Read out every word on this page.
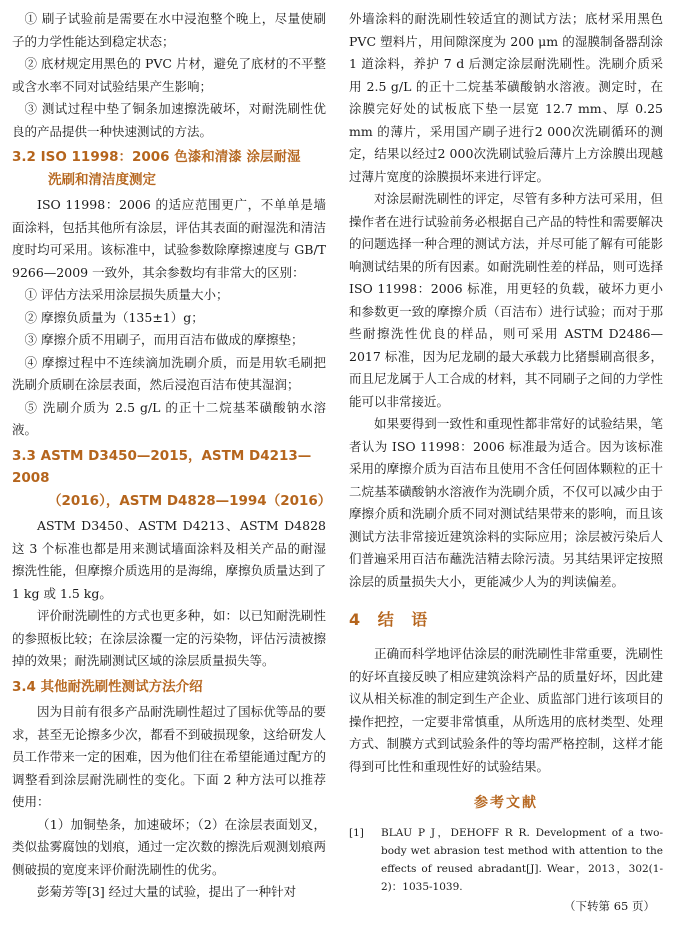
① 刷子试验前是需要在水中浸泡整个晚上，尽量使刷子的力学性能达到稳定状态；

② 底材规定用黑色的 PVC 片材，避免了底材的不平整或含水率不同对试验结果产生影响；

③ 测试过程中垫了铜条加速擦洗破坏，对耐洗刷性优良的产品提供一种快速测试的方法。

3.2 ISO 11998：2006 色漆和清漆 涂层耐湿
洗刷和清洁度测定

ISO 11998：2006 的适应范围更广，不单单是墙面涂料，包括其他所有涂层，评估其表面的耐湿洗和清洁度时均可采用。该标准中，试验参数除摩擦速度与 GB/T 9266—2009 一致外，其余参数均有非常大的区别：

① 评估方法采用涂层损失质量大小；

② 摩擦负质量为（135±1）g；

③ 摩擦介质不用刷子，而用百洁布做成的摩擦垫；

④ 摩擦过程中不连续滴加洗刷介质，而是用软毛刷把洗刷介质刷在涂层表面，然后浸泡百洁布使其湿润；

⑤ 洗刷介质为 2.5 g/L 的正十二烷基苯磺酸钠水溶液。

3.3 ASTM D3450—2015，ASTM D4213—2008
（2016），ASTM D4828—1994（2016）

ASTM D3450、ASTM D4213、ASTM D4828 这 3 个标准也都是用来测试墙面涂料及相关产品的耐湿擦洗性能，但摩擦介质选用的是海绵，摩擦负质量达到了 1 kg 或 1.5 kg。

评价耐洗刷性的方式也更多种，如：以已知耐洗刷性的参照板比较；在涂层涂覆一定的污染物，评估污渍被擦掉的效果；耐洗刷测试区域的涂层质量损失等。

3.4 其他耐洗刷性测试方法介绍

因为目前有很多产品耐洗刷性超过了国标优等品的要求，甚至无论擦多少次，都看不到破损现象，这给研发人员工作带来一定的困难，因为他们往在希望能通过配方的调整看到涂层耐洗刷性的变化。下面 2 种方法可以推荐使用：

（1）加铜垫条，加速破坏；（2）在涂层表面划叉，类似盐雾腐蚀的划痕，通过一定次数的擦洗后观测划痕两侧破损的宽度来评价耐洗刷性的优劣。

彭菊芳等[3] 经过大量的试验，提出了一种针对

外墙涂料的耐洗刷性较适宜的测试方法；底材采用黑色 PVC 塑料片，用间隙深度为 200 μm 的湿膜制备器刮涂 1 道涂料，养护 7 d 后测定涂层耐洗刷性。洗刷介质采用 2.5 g/L 的正十二烷基苯磺酸钠水溶液。测定时，在涂膜完好处的试板底下垫一层宽 12.7 mm、厚 0.25 mm 的薄片，采用国产刷子进行2 000次洗刷循环的测定，结果以经过2 000次洗刷试验后薄片上方涂膜出现越过薄片宽度的涂膜损坏来进行评定。

对涂层耐洗刷性的评定，尽管有多种方法可采用，但操作者在进行试验前务必根据自己产品的特性和需要解决的问题选择一种合理的测试方法，并尽可能了解有可能影响测试结果的所有因素。如耐洗刷性差的样品，则可选择 ISO 11998：2006 标准，用更轻的负载，破坏力更小和参数更一致的摩擦介质（百洁布）进行试验；而对于那些耐擦洗性优良的样品，则可采用 ASTM D2486—2017 标准，因为尼龙刷的最大承载力比猪鬃刷高很多，而且尼龙属于人工合成的材料，其不同刷子之间的力学性能可以非常接近。

如果要得到一致性和重现性都非常好的试验结果，笔者认为 ISO 11998：2006 标准最为适合。因为该标准采用的摩擦介质为百洁布且使用不含任何固体颗粒的正十二烷基苯磺酸钠水溶液作为洗刷介质，不仅可以减少由于摩擦介质和洗刷介质不同对测试结果带来的影响，而且该测试方法非常接近建筑涂料的实际应用；涂层被污染后人们普遍采用百洁布蘸洗洁精去除污渍。另其结果评定按照涂层的质量损失大小，更能减少人为的判读偏差。

4 结 语

正确而科学地评估涂层的耐洗刷性非常重要，洗刷性的好坏直接反映了相应建筑涂料产品的质量好坏，因此建议从相关标准的制定到生产企业、质监部门进行该项目的操作把控，一定要非常慎重，从所选用的底材类型、处理方式、制膜方式到试验条件的等均需严格控制，这样才能得到可比性和重现性好的试验结果。

参考文献
[1]	BLAU P J，DEHOFF R R. Development of a two-body wet abrasion test method with attention to the effects of reused abradant[J]. Wear，2013，302(1-2)：1035-1039.
（下转第 65 页）
